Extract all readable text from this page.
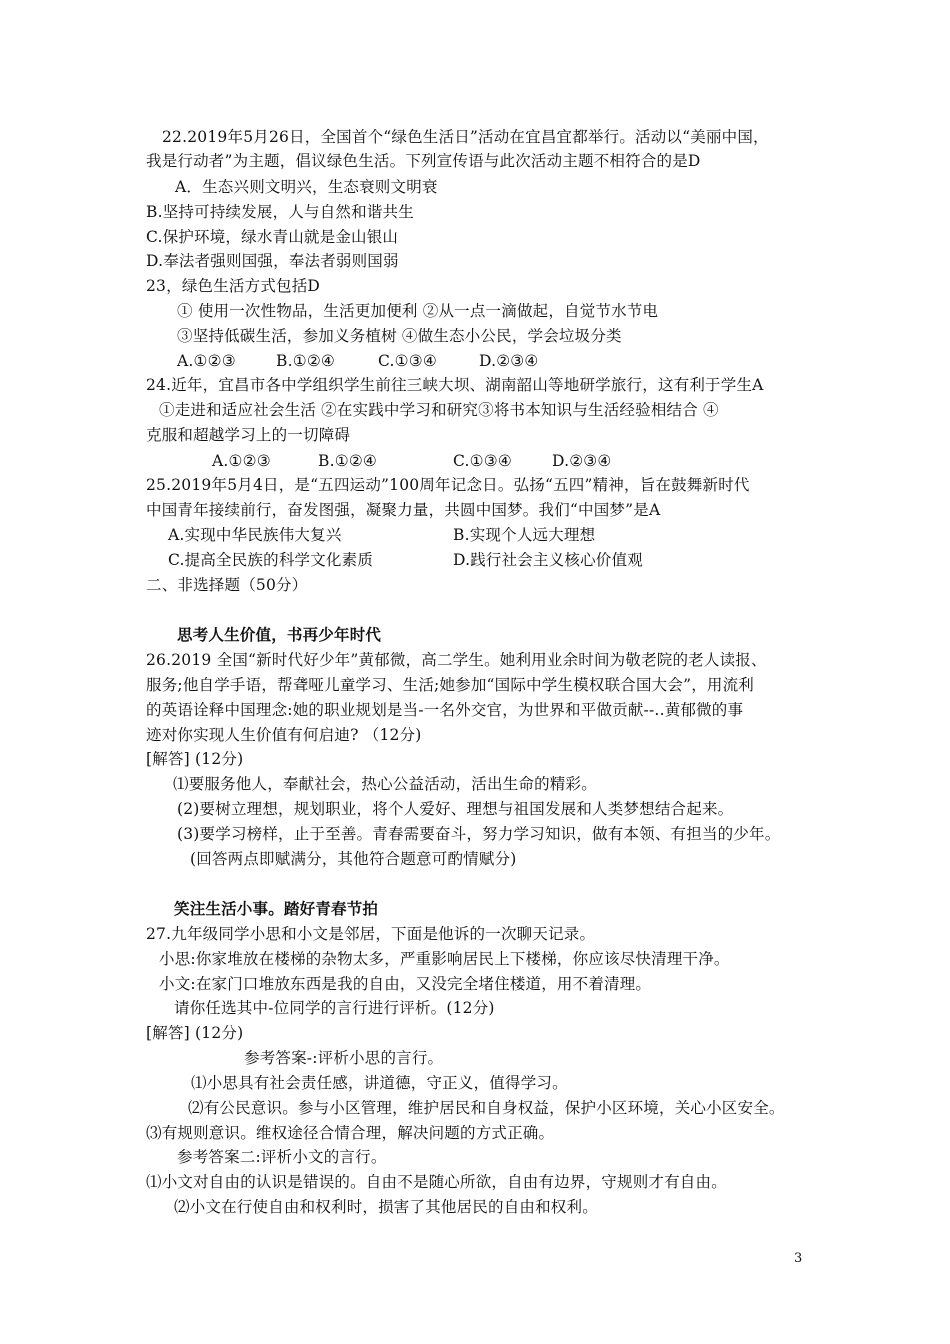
22.2019年5月26日，全国首个“绿色生活日”活动在宜昌宜都举行。活动以“美丽中国，
我是行动者”为主题，倡议绿色生活。下列宣传语与此次活动主题不相符合的是D
A．生态兴则文明兴，生态衰则文明衰
B.坚持可持续发展，人与自然和谐共生
C.保护环境，绿水青山就是金山银山
D.奉法者强则国强，奉法者弱则国弱
23，绿色生活方式包括D
① 使用一次性物品，生活更加便利 ②从一点一滴做起，自觉节水节电
③坚持低碳生活，参加义务植树 ④做生态小公民，学会垃圾分类
A.①②③	B.①②④	C.①③④	D.②③④
24.近年，宜昌市各中学组织学生前往三峡大坝、湖南韶山等地研学旅行，这有利于学生A
①走进和适应社会生活 ②在实践中学习和研究③将书本知识与生活经验相结合 ④
克服和超越学习上的一切障碍
A.①②③	B.①②④	C.①③④	D.②③④
25.2019年5月4日，是“五四运动”100周年记念日。弘扬“五四”精神，旨在鼓舞新时代
中国青年接续前行，奋发图强，凝聚力量，共圆中国梦。我们“中国梦”是A
A.实现中华民族伟大复兴	B.实现个人远大理想
C.提高全民族的科学文化素质	D.践行社会主义核心价值观
二、非选择题（50分）
思考人生价值，书再少年时代
26.2019 全国“新时代好少年”黄郁微，高二学生。她利用业余时间为敬老院的老人读报、
服务;他自学手语，帮聋哑儿童学习、生活;她参加“国际中学生模权联合国大会”，用流利
的英语诠释中国理念:她的职业规划是当-一名外交官，为世界和平做贡献--..黄郁微的事
迹对你实现人生价值有何启迪? （12分)
[解答] (12分)
⑴要服务他人，奉献社会，热心公益活动，活出生命的精彩。
(2)要树立理想，规划职业，将个人爱好、理想与祖国发展和人类梦想结合起来。
(3)要学习榜样，止于至善。青春需要奋斗，努力学习知识，做有本领、有担当的少年。
(回答两点即赋满分，其他符合题意可酌情赋分)
笑注生活小事。踏好青春节拍
27.九年级同学小思和小文是邻居，下面是他诉的一次聊天记录。
小思:你家堆放在楼梯的杂物太多，严重影响居民上下楼梯，你应该尽快清理干净。
小文:在家门口堆放东西是我的自由，又没完全堵住楼道，用不着清理。
请你任选其中-位同学的言行进行评析。(12分)
[解答] (12分)
参考答案-:评析小思的言行。
⑴小思具有社会责任感，讲道德，守正义，值得学习。
⑵有公民意识。参与小区管理，维护居民和自身权益，保护小区环境，关心小区安全。
⑶有规则意识。维权途径合情合理，解决问题的方式正确。
参考答案二:评析小文的言行。
⑴小文对自由的认识是错误的。自由不是随心所欲，自由有边界，守规则才有自由。
⑵小文在行使自由和权利时，损害了其他居民的自由和权利。
3
